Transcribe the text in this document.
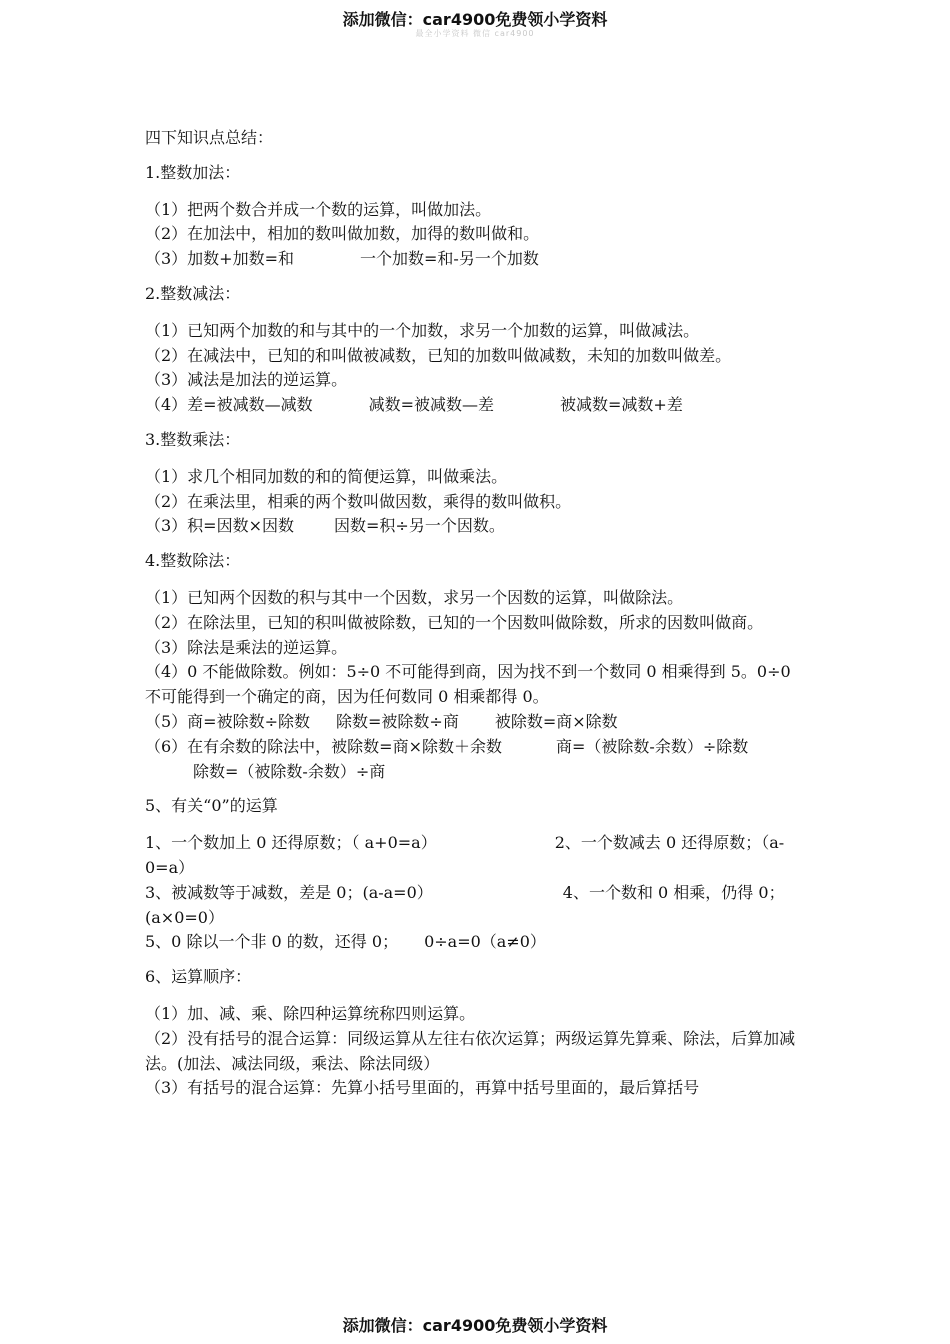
添加微信：car4900免费领小学资料
最全小学资料 微信 car4900
四下知识点总结：
1.整数加法：
（1）把两个数合并成一个数的运算，叫做加法。
（2）在加法中，相加的数叫做加数，加得的数叫做和。
（3）加数+加数=和	一个加数=和-另一个加数
2.整数减法：
（1）已知两个加数的和与其中的一个加数，求另一个加数的运算，叫做减法。
（2）在减法中，已知的和叫做被减数，已知的加数叫做减数，未知的加数叫做差。
（3）减法是加法的逆运算。
（4）差=被减数—减数	减数=被减数—差	被减数=减数+差
3.整数乘法：
（1）求几个相同加数的和的简便运算，叫做乘法。
（2）在乘法里，相乘的两个数叫做因数，乘得的数叫做积。
（3）积=因数×因数	因数=积÷另一个因数。
4.整数除法：
（1）已知两个因数的积与其中一个因数，求另一个因数的运算，叫做除法。
（2）在除法里，已知的积叫做被除数，已知的一个因数叫做除数，所求的因数叫做商。
（3）除法是乘法的逆运算。
（4）0 不能做除数。例如：5÷0 不可能得到商，因为找不到一个数同 0 相乘得到 5。0÷0 不可能得到一个确定的商，因为任何数同 0 相乘都得 0。
（5）商=被除数÷除数 除数=被除数÷商 被除数=商×除数
（6）在有余数的除法中，被除数=商×除数＋余数	商=（被除数-余数）÷除数
除数=（被除数-余数）÷商
5、有关“0”的运算
1、一个数加上 0 还得原数；（ a+0=a）	2、一个数减去 0 还得原数；（a-0=a）
3、被减数等于减数，差是 0；(a-a=0）	4、一个数和 0 相乘，仍得 0；(a×0=0）
5、0 除以一个非 0 的数，还得 0； 0÷a=0（a≠0）
6、运算顺序：
（1）加、减、乘、除四种运算统称四则运算。
（2）没有括号的混合运算：同级运算从左往右依次运算；两级运算先算乘、除法，后算加减法。(加法、减法同级，乘法、除法同级）
（3）有括号的混合运算：先算小括号里面的，再算中括号里面的，最后算括号
添加微信：car4900免费领小学资料
